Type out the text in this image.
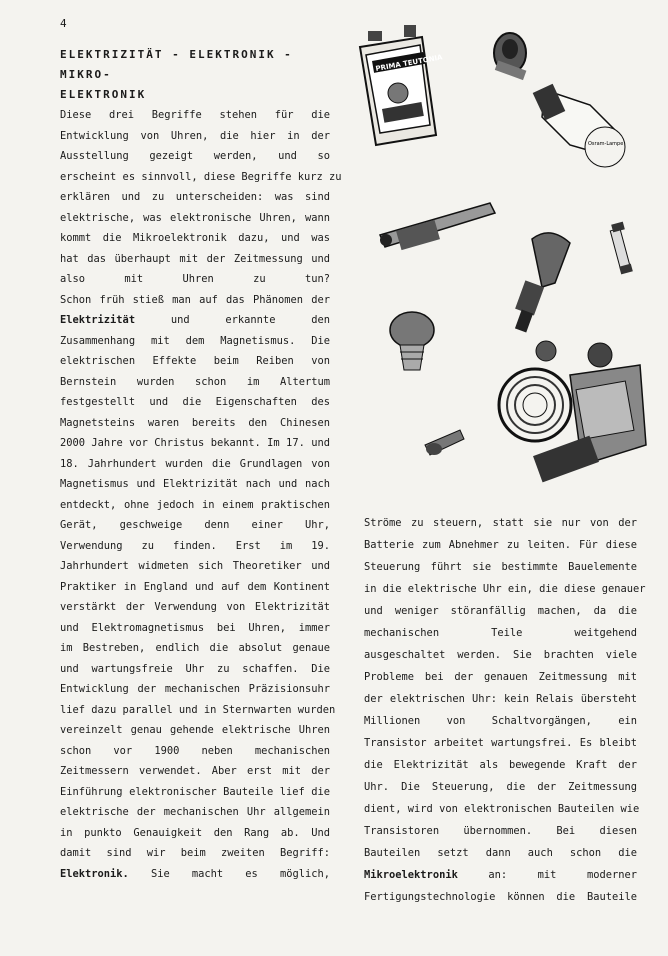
4
ELEKTRIZITÄT - ELEKTRONIK - MIKRO-
ELEKTRONIK
Diese drei Begriffe stehen für die
Entwicklung von Uhren, die hier in der
Ausstellung gezeigt werden, und so
erscheint es sinnvoll, diese Begriffe kurz zu
erklären und zu unterscheiden: was sind
elektrische, was elektronische Uhren, wann
kommt die Mikroelektronik dazu, und was
hat das überhaupt mit der Zeitmessung und
also mit Uhren zu tun?
Schon früh stieß man auf das Phänomen der
Elektrizität und erkannte den
Zusammenhang mit dem Magnetismus. Die
elektrischen Effekte beim Reiben von
Bernstein wurden schon im Altertum
festgestellt und die Eigenschaften des
Magnetsteins waren bereits den Chinesen
2000 Jahre vor Christus bekannt. Im 17. und
18. Jahrhundert wurden die Grundlagen von
Magnetismus und Elektrizität nach und nach
entdeckt, ohne jedoch in einem praktischen
Gerät, geschweige denn einer Uhr,
Verwendung zu finden. Erst im 19.
Jahrhundert widmeten sich Theoretiker und
Praktiker in England und auf dem Kontinent
verstärkt der Verwendung von Elektrizität
und Elektromagnetismus bei Uhren, immer
im Bestreben, endlich die absolut genaue
und wartungsfreie Uhr zu schaffen. Die
Entwicklung der mechanischen Präzisionsuhr
lief dazu parallel und in Sternwarten wurden
vereinzelt genau gehende elektrische Uhren
schon vor 1900 neben mechanischen
Zeitmessern verwendet. Aber erst mit der
Einführung elektronischer Bauteile lief die
elektrische der mechanischen Uhr allgemein
in punkto Genauigkeit den Rang ab. Und
damit sind wir beim zweiten Begriff:
Elektronik. Sie macht es möglich,
Ströme zu steuern, statt sie nur von der
Batterie zum Abnehmer zu leiten. Für diese
Steuerung führt sie bestimmte Bauelemente
in die elektrische Uhr ein, die diese genauer
und weniger störanfällig machen, da die
mechanischen Teile weitgehend
ausgeschaltet werden. Sie brachten viele
Probleme bei der genauen Zeitmessung mit
der elektrischen Uhr: kein Relais übersteht
Millionen von Schaltvorgängen, ein
Transistor arbeitet wartungsfrei. Es bleibt
die Elektrizität als bewegende Kraft der
Uhr. Die Steuerung, die der Zeitmessung
dient, wird von elektronischen Bauteilen wie
Transistoren übernommen. Bei diesen
Bauteilen setzt dann auch schon die
Mikroelektronik an: mit moderner
Fertigungstechnologie können die Bauteile
PRIMA TEUTONIA
Osram-Lampe
